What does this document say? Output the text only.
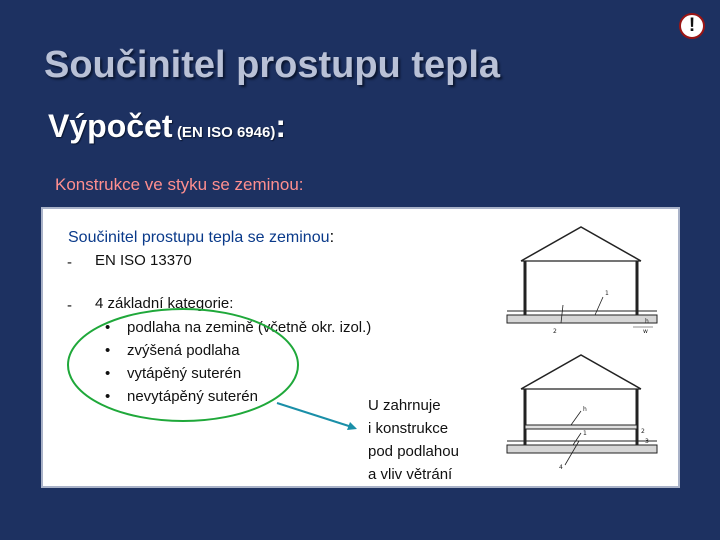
Součinitel prostupu tepla
Výpočet (EN ISO 6946):
!
Konstrukce ve styku se zeminou:
Součinitel prostupu tepla se zeminou:
- EN ISO 13370
- 4 základní kategorie:
• podlaha na zemině (včetně okr. izol.)
• zvýšená podlaha
• vytápěný suterén
• nevytápěný suterén
U zahrnuje
i konstrukce
pod podlahou
a vliv větrání
1
2
h
w
h
1	2
3
4
